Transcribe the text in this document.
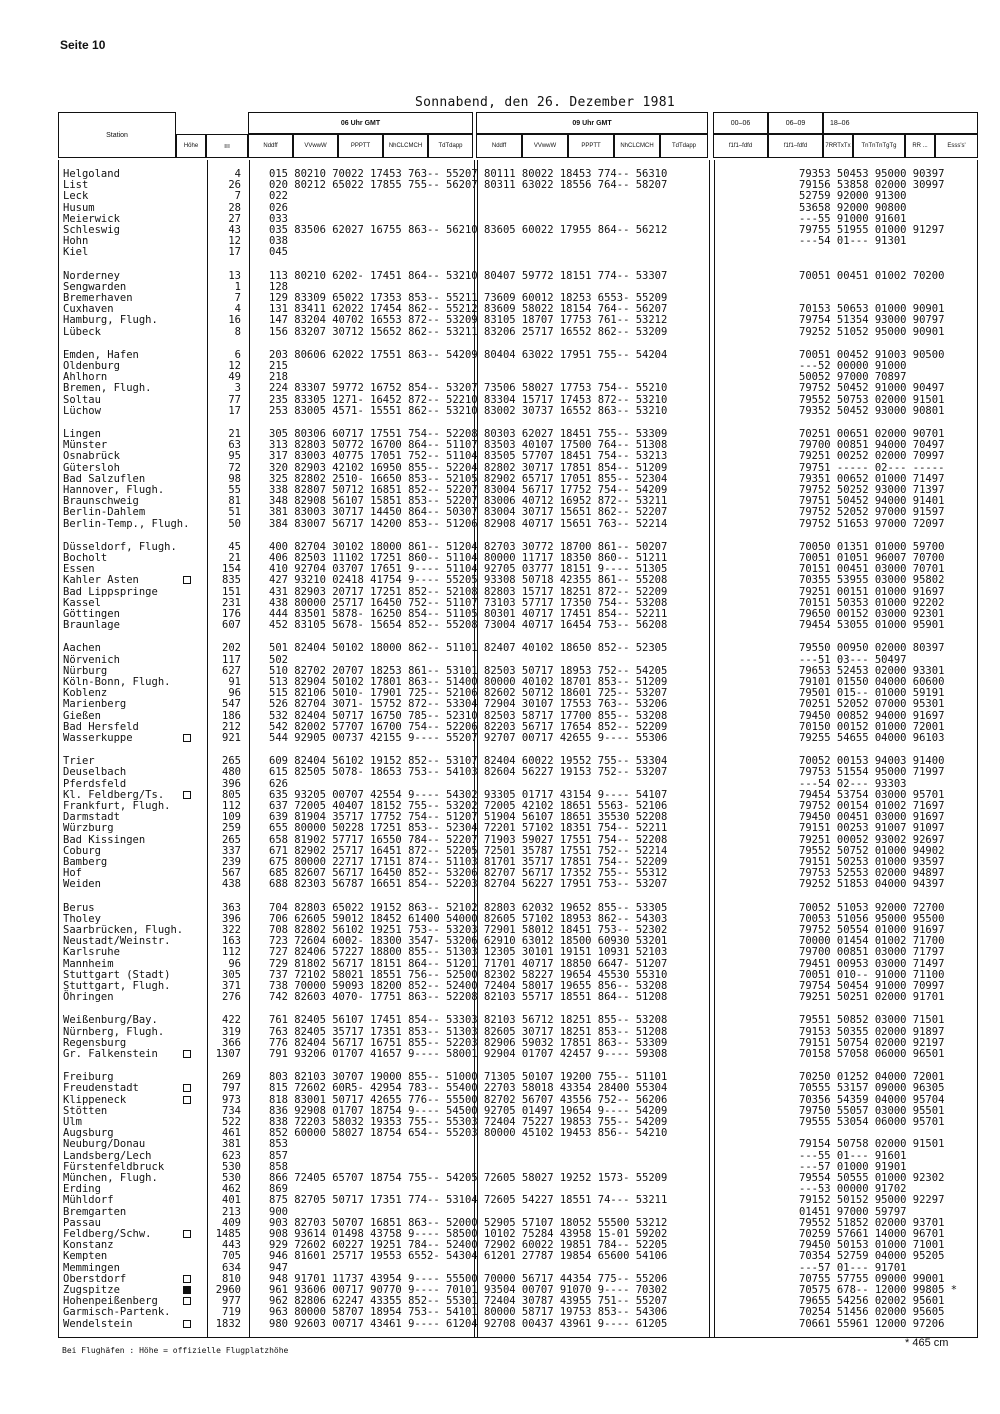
Seite 10
Sonnabend, den 26. Dezember 1981
Station
Höhe	ııı
06 Uhr GMT	09 Uhr GMT	00–06	06–09	18–06
Nddff	VVwwW	PPPTT	NhCLCMCH	TdTdapp	Nddff	VVwwW	PPPTT	NhCLCMCH	TdTdapp	f1f1–fdfd	f1f1–fdfd	7RRTxTx	TnTnTnTgTg	RR ...	Esss's'
Helgoland	4	015 80210 70022 17453 763-- 55207 80111 80022 18453 774-- 56310	79353 50453 95000 90397
List	26	020 80212 65022 17855 755-- 56207 80311 63022 18556 764-- 58207	79156 53858 02000 30997
Leck	7	022	52759 92000 91300
Husum	28	026	53658 92000 90800
Meierwick	27	033	---55 91000 91601
Schleswig	43	035 83506 62027 16755 863-- 56210 83605 60022 17955 864-- 56212	79755 51955 01000 91297
Hohn	12	038	---54 01--- 91301
Kiel	17	045
Norderney	13	113 80210 6202- 17451 864-- 53210 80407 59772 18151 774-- 53307	70051 00451 01002 70200
Sengwarden	1	128
Bremerhaven	7	129 83309 65022 17353 853-- 55211 73609 60012 18253 6553- 55209
Cuxhaven	4	131 83411 62022 17454 862-- 55212 83609 58022 18154 764-- 56207	70153 50653 01000 90901
Hamburg, Flugh.	16	147 83204 40702 16553 872-- 53209 83105 18707 17753 761-- 53212	79754 51354 93000 90797
Lübeck	8	156 83207 30712 15652 862-- 53211 83206 25717 16552 862-- 53209	79252 51052 95000 90901
Emden, Hafen	6	203 80606 62022 17551 863-- 54209 80404 63022 17951 755-- 54204	70051 00452 91003 90500
Oldenburg	12	215	---52 00000 91000
Ahlhorn	49	218	50052 97000 70897
Bremen, Flugh.	3	224 83307 59772 16752 854-- 53207 73506 58027 17753 754-- 55210	79752 50452 91000 90497
Soltau	77	235 83305 1271- 16452 872-- 52210 83304 15717 17453 872-- 53210	79552 50753 02000 91501
Lüchow	17	253 83005 4571- 15551 862-- 53210 83002 30737 16552 863-- 53210	79352 50452 93000 90801
Lingen	21	305 80306 60717 17551 754-- 52208 80303 62027 18451 755-- 53309	70251 00651 02000 90701
Münster	63	313 82803 50772 16700 864-- 51107 83503 40107 17500 764-- 51308	79700 00851 94000 70497
Osnabrück	95	317 83003 40775 17051 752-- 51104 83505 57707 18451 754-- 53213	79251 00252 02000 70997
Gütersloh	72	320 82903 42102 16950 855-- 52204 82802 30717 17851 854-- 51209	79751 ----- 02--- -----
Bad Salzuflen	98	325 82802 2510- 16650 853-- 52105 82902 65717 17051 855-- 52304	79351 00652 01000 71497
Hannover, Flugh.	55	338 82807 50712 16851 852-- 52207 83004 56717 17752 754-- 54209	79752 50252 93000 71397
Braunschweig	81	348 82908 56107 15851 853-- 52207 83006 40712 16952 872-- 53211	79751 50452 94000 91401
Berlin-Dahlem	51	381 83003 30717 14450 864-- 50307 83004 30717 15651 862-- 52207	79752 52052 97000 91597
Berlin-Temp., Flugh.	50	384 83007 56717 14200 853-- 51206 82908 40717 15651 763-- 52214	79752 51653 97000 72097
Düsseldorf, Flugh.	45	400 82704 30102 18000 861-- 51204 82703 30772 18700 861-- 50207	70050 01351 01000 59700
Bocholt	21	406 82503 11102 17251 860-- 51104 80000 11717 18350 860-- 51211	70051 01051 96007 70700
Essen	154	410 92704 03707 17651 9---- 51104 92705 03777 18151 9---- 51305	70151 00451 03000 70701
Kahler Asten	835	427 93210 02418 41754 9---- 55205 93308 50718 42355 861-- 55208	70355 53955 03000 95802
Bad Lippspringe	151	431 82903 20717 17251 852-- 52108 82803 15717 18251 872-- 52209	79251 00151 01000 91697
Kassel	231	438 80000 25717 16450 752-- 51107 73103 57717 17350 754-- 53208	70151 50353 01000 92202
Göttingen	176	444 83501 5878- 16250 854-- 51105 80301 40717 17451 854-- 52211	79650 00152 03000 92301
Braunlage	607	452 83105 5678- 15654 852-- 55208 73004 40717 16454 753-- 56208	79454 53055 01000 95901
Aachen	202	501 82404 50102 18000 862-- 51101 82407 40102 18650 852-- 52305	79550 00950 02000 80397
Nörvenich	117	502	---51 03--- 50497
Nürburg	627	510 82702 20707 18253 861-- 53101 82503 50717 18953 752-- 54205	79653 52453 02000 93301
Köln-Bonn, Flugh.	91	513 82904 50102 17801 863-- 51400 80000 40102 18701 853-- 51209	79101 01550 04000 60600
Koblenz	96	515 82106 5010- 17901 725-- 52106 82602 50712 18601 725-- 53207	79501 015-- 01000 59191
Marienberg	547	526 82704 3071- 15752 872-- 53304 72904 30107 17553 763-- 53206	70251 52052 07000 95301
Gießen	186	532 82404 50717 16750 785-- 52310 82503 58717 17700 855-- 53208	79450 00852 94000 91697
Bad Hersfeld	212	542 82002 57707 16700 754-- 52206 82203 56717 17654 852-- 52209	70150 00152 01000 72001
Wasserkuppe	921	544 92905 00737 42155 9---- 55207 92707 00717 42655 9---- 55306	79255 54655 04000 96103
Trier	265	609 82404 56102 19152 852-- 53107 82404 60022 19552 755-- 53304	70052 00153 94003 91400
Deuselbach	480	615 82505 5078- 18653 753-- 54103 82604 56227 19153 752-- 53207	79753 51554 95000 71997
Pferdsfeld	396	626	---54 02--- 93303
Kl. Feldberg/Ts.	805	635 93205 00707 42554 9---- 54302 93305 01717 43154 9---- 54107	79454 53754 03000 95701
Frankfurt, Flugh.	112	637 72005 40407 18152 755-- 53202 72005 42102 18651 5563- 52106	79752 00154 01002 71697
Darmstadt	109	639 81904 35717 17752 754-- 51207 51904 56107 18651 35530 52208	79450 00451 03000 91697
Würzburg	259	655 80000 50228 17251 853-- 52304 72201 57102 18351 754-- 52211	79151 00253 91007 91097
Bad Kissingen	265	658 81902 57717 16550 784-- 52207 71903 59027 17551 754-- 52208	79251 00052 93002 92697
Coburg	337	671 82902 25717 16451 872-- 52205 72501 35787 17551 752-- 52214	79552 50752 01000 94902
Bamberg	239	675 80000 22717 17151 874-- 51103 81701 35717 17851 754-- 52209	79151 50253 01000 93597
Hof	567	685 82607 56717 16450 852-- 53206 82707 56717 17352 755-- 55312	79753 52553 02000 94897
Weiden	438	688 82303 56787 16651 854-- 52203 82704 56227 17951 753-- 53207	79252 51853 04000 94397
Berus	363	704 82803 65022 19152 863-- 52102 82803 62032 19652 855-- 53305	70052 51053 92000 72700
Tholey	396	706 62605 59012 18452 61400 54000 82605 57102 18953 862-- 54303	70053 51056 95000 95500
Saarbrücken, Flugh.	322	708 82802 56102 19251 753-- 53203 72901 58012 18451 753-- 52302	79752 50554 01000 91697
Neustadt/Weinstr.	163	723 72604 6002- 18300 3547- 53206 62910 63012 18500 60930 53201	70000 01454 01002 71700
Karlsruhe	112	727 82406 57227 18800 855-- 51303 12305 30101 19151 10931 52103	79700 00851 03000 71797
Mannheim	96	729 81802 56717 18151 864-- 51201 71701 40717 18850 6647- 51207	79451 00953 03000 71497
Stuttgart (Stadt)	305	737 72102 58021 18551 756-- 52500 82302 58227 19654 45530 55310	70051 010-- 91000 71100
Stuttgart, Flugh.	371	738 70000 59093 18200 852-- 52400 72404 58017 19655 856-- 53208	79754 50454 91000 70997
Öhringen	276	742 82603 4070- 17751 863-- 52208 82103 55717 18551 864-- 51208	79251 50251 02000 91701
Weißenburg/Bay.	422	761 82405 56107 17451 854-- 53303 82103 56712 18251 855-- 53208	79551 50852 03000 71501
Nürnberg, Flugh.	319	763 82405 35717 17351 853-- 51303 82605 30717 18251 853-- 51208	79153 50355 02000 91897
Regensburg	366	776 82404 56717 16751 855-- 52203 82906 59032 17851 863-- 53309	79151 50754 02000 92197
Gr. Falkenstein	1307	791 93206 01707 41657 9---- 58001 92904 01707 42457 9---- 59308	70158 57058 06000 96501
Freiburg	269	803 82103 30707 19000 855-- 51000 71305 50107 19200 755-- 51101	70250 01252 04000 72001
Freudenstadt	797	815 72602 60R5- 42954 783-- 55400 22703 58018 43354 28400 55304	70555 53157 09000 96305
Klippeneck	973	818 83001 50717 42655 776-- 55500 82702 56707 43556 752-- 56206	70356 54359 04000 95704
Stötten	734	836 92908 01707 18754 9---- 54500 92705 01497 19654 9---- 54209	79750 55057 03000 95501
Ulm	522	838 72203 58032 19353 755-- 55303 72404 75227 19853 755-- 54209	79555 53054 06000 95701
Augsburg	461	852 60000 58027 18754 654-- 55203 80000 45102 19453 856-- 54210
Neuburg/Donau	381	853	79154 50758 02000 91501
Landsberg/Lech	623	857	---55 01--- 91601
Fürstenfeldbruck	530	858	---57 01000 91901
München, Flugh.	530	866 72405 65707 18754 755-- 54205 72605 58027 19252 1573- 55209	79554 50555 01000 92302
Erding	462	869	---53 00000 91702
Mühldorf	401	875 82705 50717 17351 774-- 53104 72605 54227 18551 74--- 53211	79152 50152 95000 92297
Bremgarten	213	900	01451 97000 59797
Passau	409	903 82703 50707 16851 863-- 52000 52905 57107 18052 55500 53212	79552 51852 02000 93701
Feldberg/Schw.	1485	908 93614 01498 43758 9---- 58500 10102 75284 43958 15-01 59202	70259 57661 14000 96701
Konstanz	443	929 72602 60227 19251 784-- 52400 72902 60022 19851 784-- 52205	79450 50153 01000 71001
Kempten	705	946 81601 25717 19553 6552- 54304 61201 27787 19854 65600 54106	70354 52759 04000 95205
Memmingen	634	947	---57 01--- 91701
Oberstdorf	810	948 91701 11737 43954 9---- 55500 70000 56717 44354 775-- 55206	70755 57755 09000 99001
Zugspitze	2960	961 93606 00717 90770 9---- 70101 93504 00707 91070 9---- 70302	70575 678-- 12000 99805 *
Hohenpeißenberg	977	962 82806 62247 43355 852-- 55301 72404 30787 43955 751-- 55207	79655 54256 02002 95601
Garmisch-Partenk.	719	963 80000 58707 18954 753-- 54101 80000 58717 19753 853-- 54306	70254 51456 02000 95605
Wendelstein	1832	980 92603 00717 43461 9---- 61204 92708 00437 43961 9---- 61205	70661 55961 12000 97206
Bei Flughäfen : Höhe = offizielle Flugplatzhöhe
* 465 cm
